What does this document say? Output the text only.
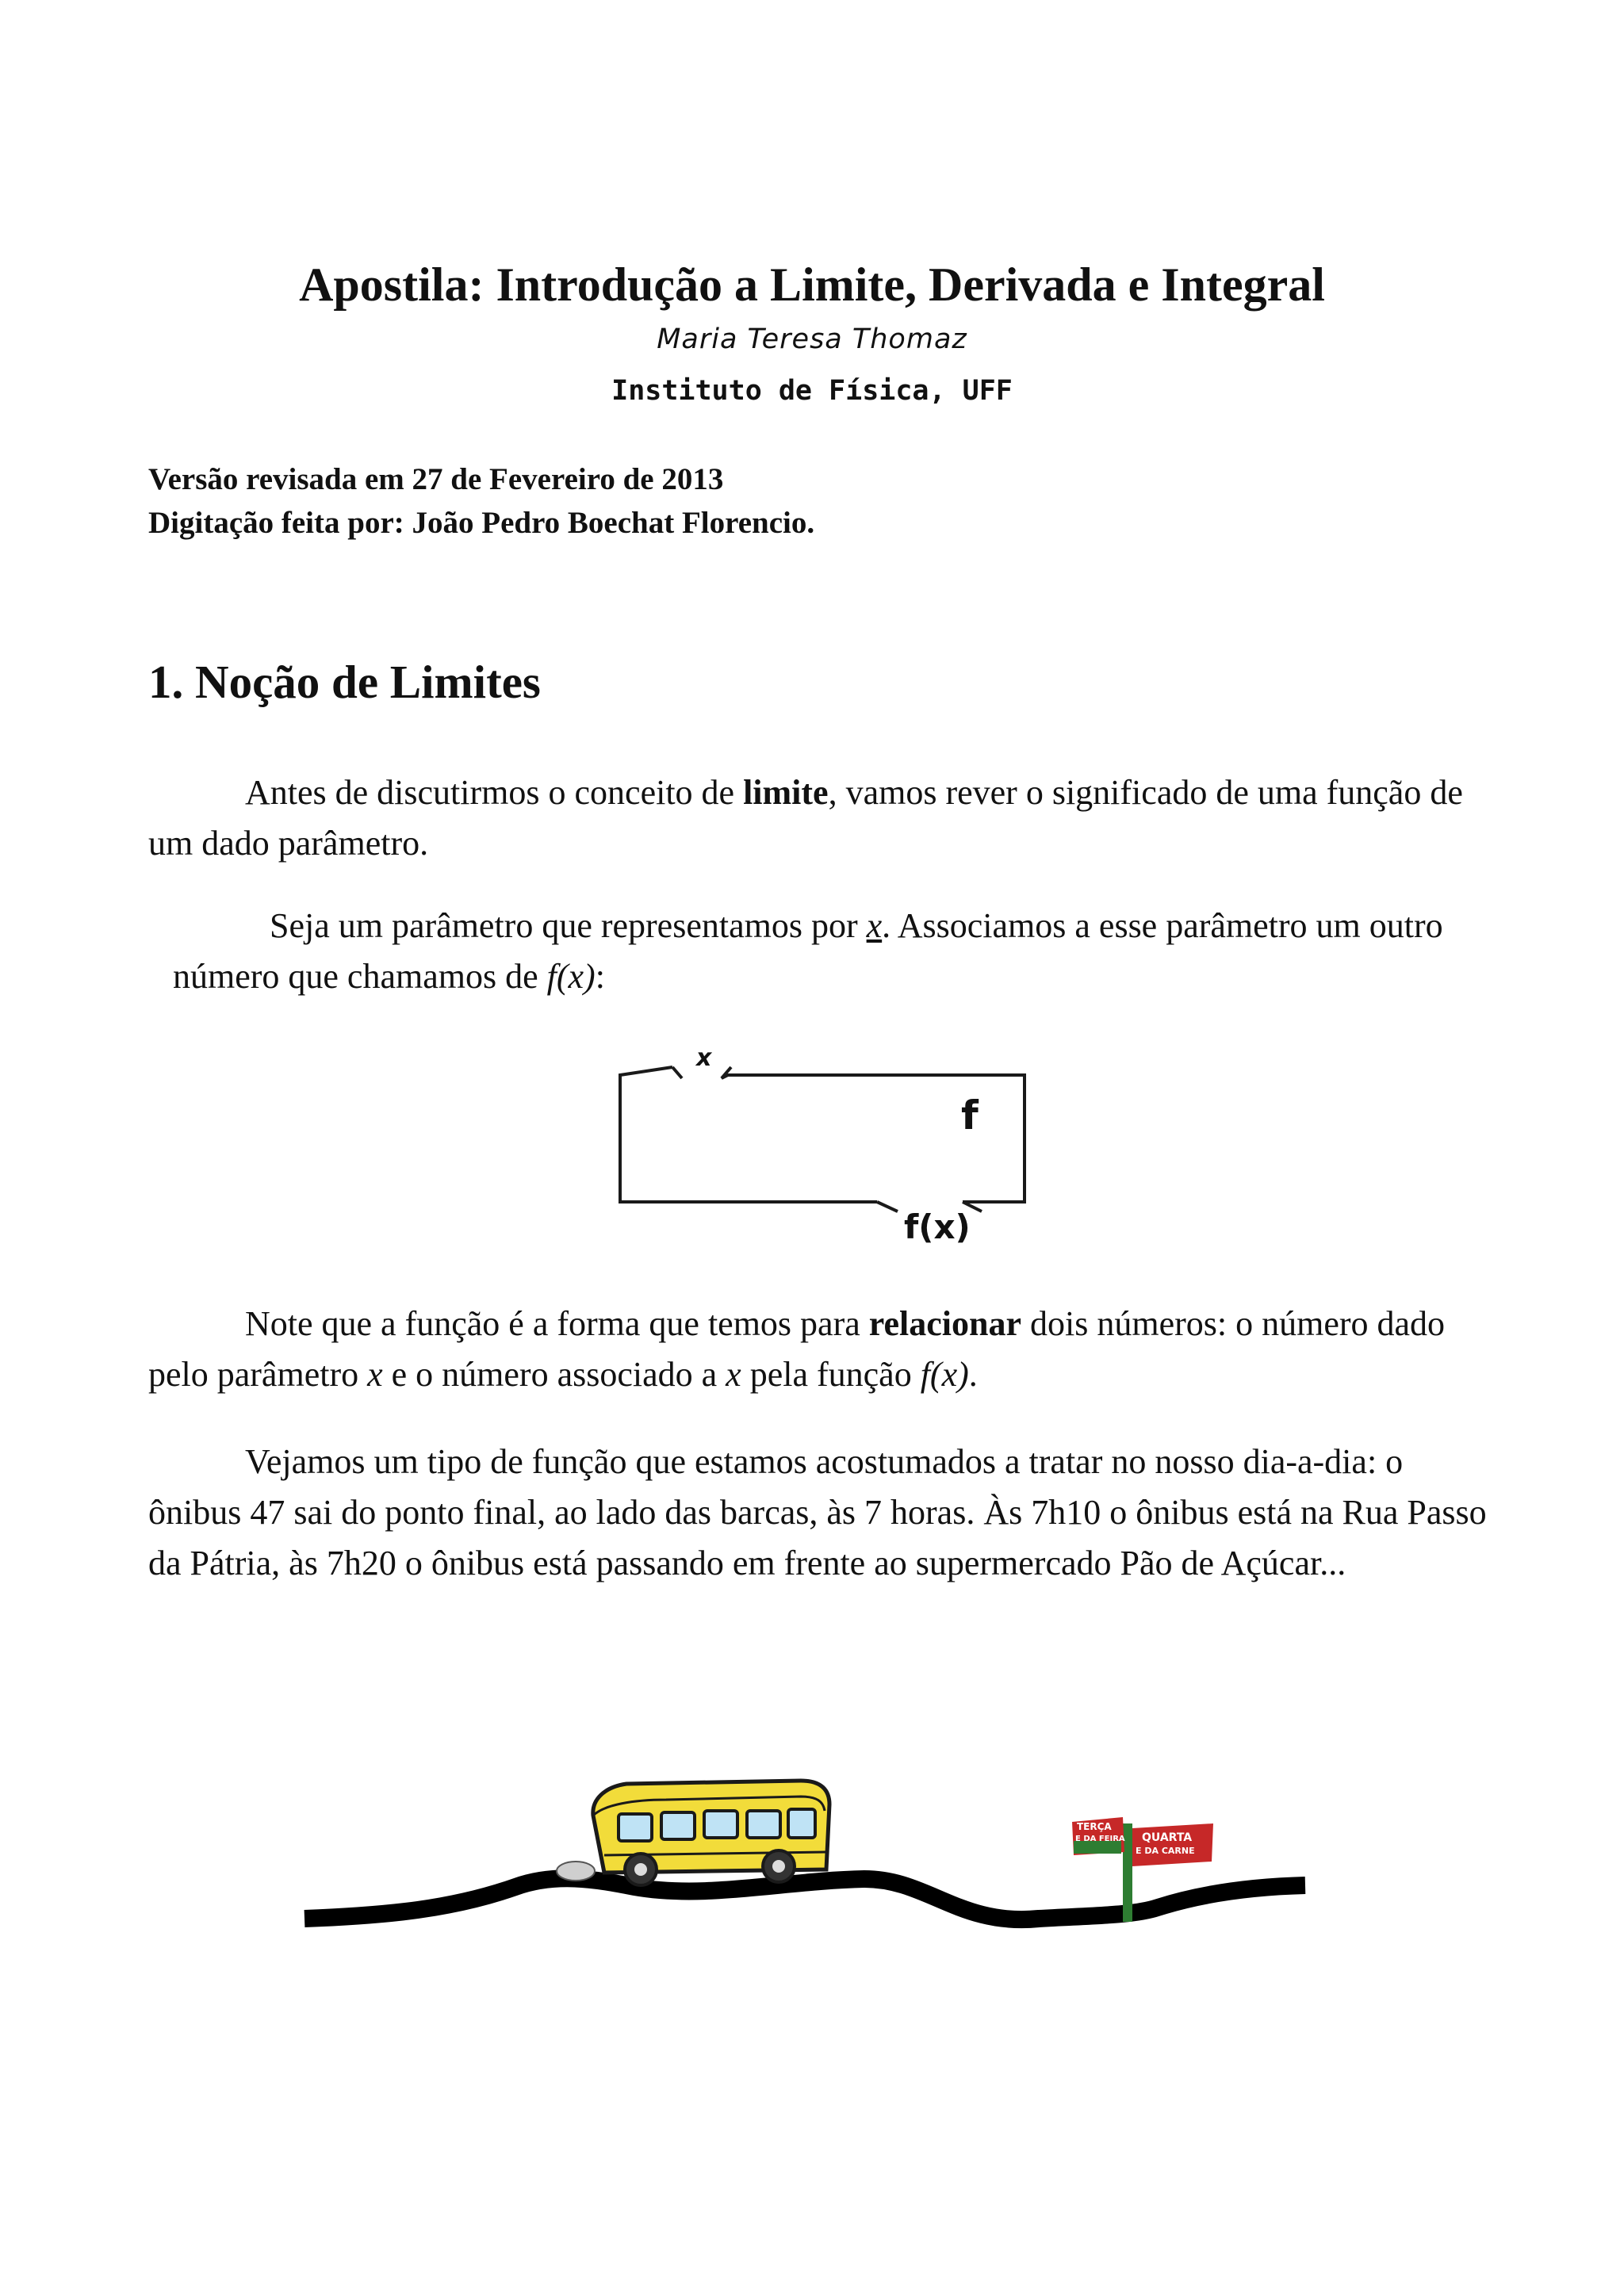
Apostila: Introdução a Limite, Derivada e Integral
Maria Teresa Thomaz
Instituto de Física, UFF
Versão revisada em 27 de Fevereiro de 2013
Digitação feita por: João Pedro Boechat Florencio.
1. Noção de Limites
Antes de discutirmos o conceito de limite, vamos rever o significado de uma função de um dado parâmetro.
Seja um parâmetro que representamos por x. Associamos a esse parâmetro um outro número que chamamos de f(x):
x
f
f(x)
Note que a função é a forma que temos para relacionar dois números: o número dado pelo parâmetro x e o número associado a x pela função f(x).
Vejamos um tipo de função que estamos acostumados a tratar no nosso dia-a-dia: o ônibus 47 sai do ponto final, ao lado das barcas, às 7 horas. Às 7h10 o ônibus está na Rua Passo da Pátria, às 7h20 o ônibus está passando em frente ao supermercado Pão de Açúcar...
TERÇA
E DA FEIRA QUARTA
E DA CARNE
